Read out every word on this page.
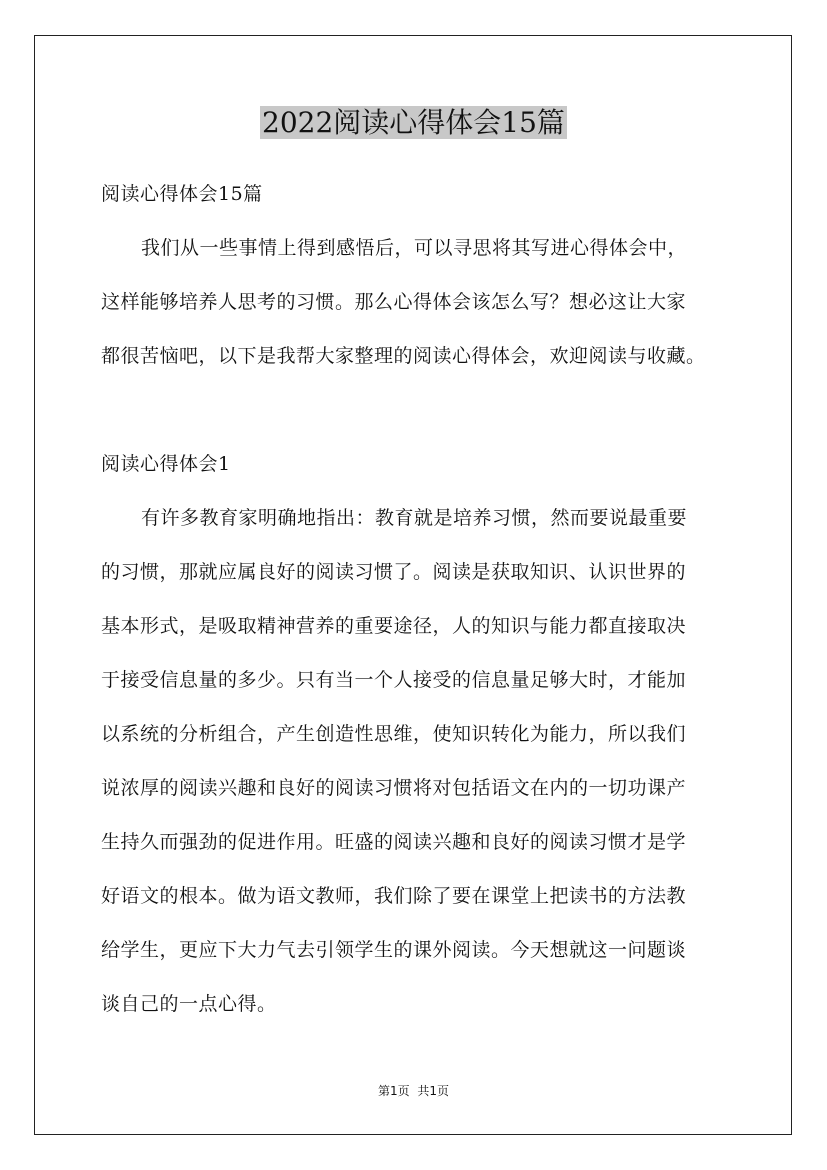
2022阅读心得体会15篇
阅读心得体会15篇
我们从一些事情上得到感悟后，可以寻思将其写进心得体会中，
这样能够培养人思考的习惯。那么心得体会该怎么写？想必这让大家
都很苦恼吧，以下是我帮大家整理的阅读心得体会，欢迎阅读与收藏。
阅读心得体会1
有许多教育家明确地指出：教育就是培养习惯，然而要说最重要
的习惯，那就应属良好的阅读习惯了。阅读是获取知识、认识世界的
基本形式，是吸取精神营养的重要途径，人的知识与能力都直接取决
于接受信息量的多少。只有当一个人接受的信息量足够大时，才能加
以系统的分析组合，产生创造性思维，使知识转化为能力，所以我们
说浓厚的阅读兴趣和良好的阅读习惯将对包括语文在内的一切功课产
生持久而强劲的促进作用。旺盛的阅读兴趣和良好的阅读习惯才是学
好语文的根本。做为语文教师，我们除了要在课堂上把读书的方法教
给学生，更应下大力气去引领学生的课外阅读。今天想就这一问题谈
谈自己的一点心得。
第1页 共1页
